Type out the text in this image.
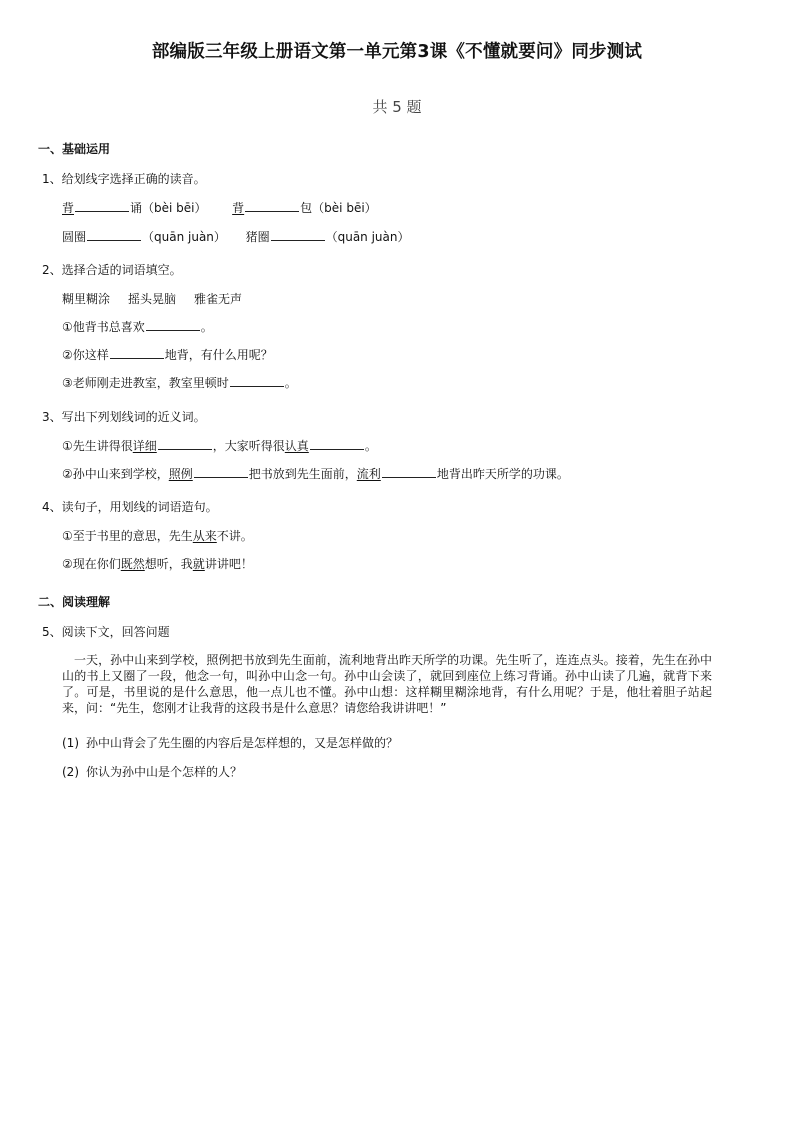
部编版三年级上册语文第一单元第3课《不懂就要问》同步测试
共 5 题
一、基础运用
1、给划线字选择正确的读音。
背	诵（bèi bēi） 背	包（bèi bēi）
圆圈	（quān juàn） 猪圈	（quān juàn）
2、选择合适的词语填空。
糊里糊涂 摇头晃脑 雅雀无声
①他背书总喜欢	。
②你这样	地背，有什么用呢？
③老师刚走进教室，教室里顿时	。
3、写出下列划线词的近义词。
①先生讲得很详细	，大家听得很认真	。
②孙中山来到学校，照例	把书放到先生面前，流利	地背出昨天所学的功课。
4、读句子，用划线的词语造句。
①至于书里的意思，先生从来不讲。
②现在你们既然想听，我就讲讲吧！
二、阅读理解
5、阅读下文，回答问题
一天，孙中山来到学校，照例把书放到先生面前，流利地背出昨天所学的功课。先生听了，连连点头。接着，先生在孙中山的书上又圈了一段，他念一句，叫孙中山念一句。孙中山会读了，就回到座位上练习背诵。孙中山读了几遍，就背下来了。可是，书里说的是什么意思，他一点儿也不懂。孙中山想：这样糊里糊涂地背，有什么用呢？于是，他壮着胆子站起来，问：“先生，您刚才让我背的这段书是什么意思？请您给我讲讲吧！”
(1) 孙中山背会了先生圈的内容后是怎样想的，又是怎样做的？
(2) 你认为孙中山是个怎样的人？
